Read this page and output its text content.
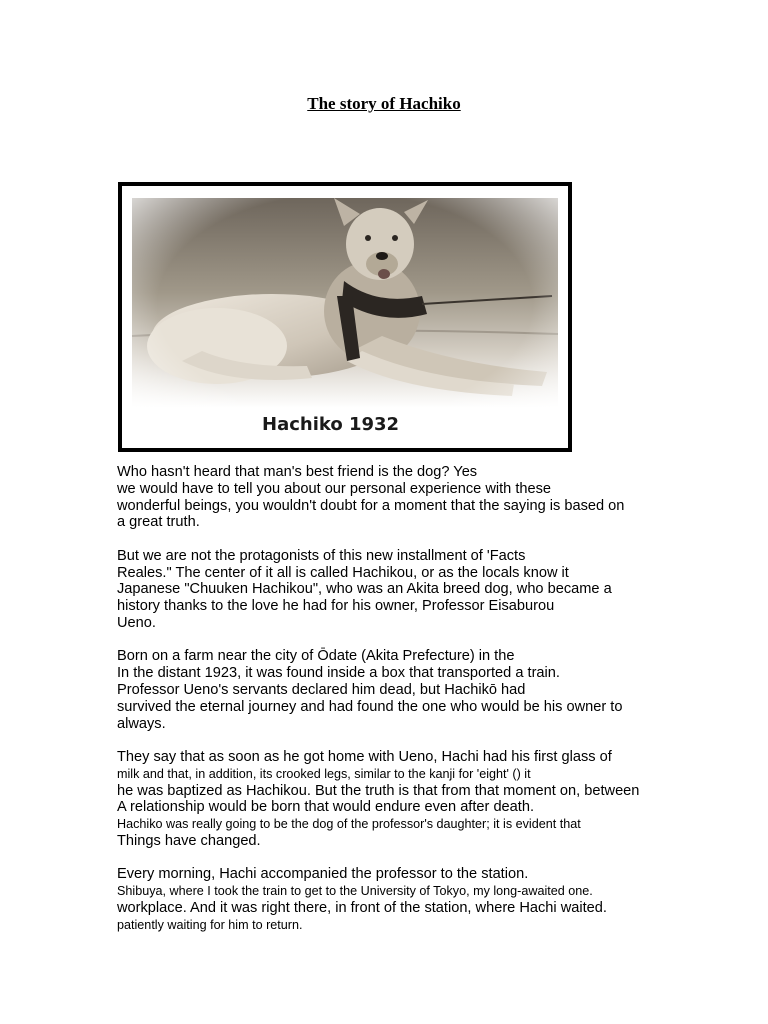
The story of Hachiko
Hachiko 1932

Who hasn't heard that man's best friend is the dog? Yes
we would have to tell you about our personal experience with these
wonderful beings, you wouldn't doubt for a moment that the saying is based on
a great truth.

But we are not the protagonists of this new installment of 'Facts
Reales." The center of it all is called Hachikou, or as the locals know it
Japanese "Chuuken Hachikou", who was an Akita breed dog, who became a
history thanks to the love he had for his owner, Professor Eisaburou
Ueno.

Born on a farm near the city of Ōdate (Akita Prefecture) in the
In the distant 1923, it was found inside a box that transported a train.
Professor Ueno's servants declared him dead, but Hachikō had
survived the eternal journey and had found the one who would be his owner to
always.

They say that as soon as he got home with Ueno, Hachi had his first glass of
milk and that, in addition, its crooked legs, similar to the kanji for 'eight' () it
he was baptized as Hachikou. But the truth is that from that moment on, between
A relationship would be born that would endure even after death.
Hachiko was really going to be the dog of the professor's daughter; it is evident that
Things have changed.

Every morning, Hachi accompanied the professor to the station.
Shibuya, where I took the train to get to the University of Tokyo, my long-awaited one.
workplace. And it was right there, in front of the station, where Hachi waited.
patiently waiting for him to return.
